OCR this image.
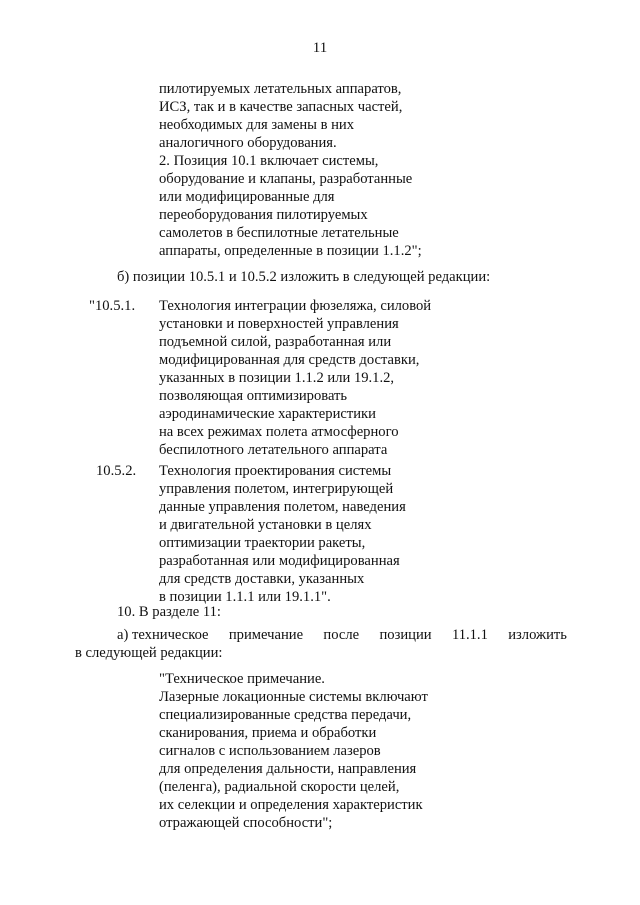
11
пилотируемых летательных аппаратов,
ИСЗ, так и в качестве запасных частей,
необходимых для замены в них
аналогичного оборудования.
2. Позиция 10.1 включает системы,
оборудование и клапаны, разработанные
или модифицированные для
переоборудования пилотируемых
самолетов в беспилотные летательные
аппараты, определенные в позиции 1.1.2";
б) позиции 10.5.1 и 10.5.2 изложить в следующей редакции:
"10.5.1. Технология интеграции фюзеляжа, силовой
установки и поверхностей управления
подъемной силой, разработанная или
модифицированная для средств доставки,
указанных в позиции 1.1.2 или 19.1.2,
позволяющая оптимизировать
аэродинамические характеристики
на всех режимах полета атмосферного
беспилотного летательного аппарата
10.5.2. Технология проектирования системы
управления полетом, интегрирующей
данные управления полетом, наведения
и двигательной установки в целях
оптимизации траектории ракеты,
разработанная или модифицированная
для средств доставки, указанных
в позиции 1.1.1 или 19.1.1".
10. В разделе 11:
а) техническое примечание после позиции 11.1.1 изложить
в следующей редакции:
"Техническое примечание.
Лазерные локационные системы включают
специализированные средства передачи,
сканирования, приема и обработки
сигналов с использованием лазеров
для определения дальности, направления
(пеленга), радиальной скорости целей,
их селекции и определения характеристик
отражающей способности";
